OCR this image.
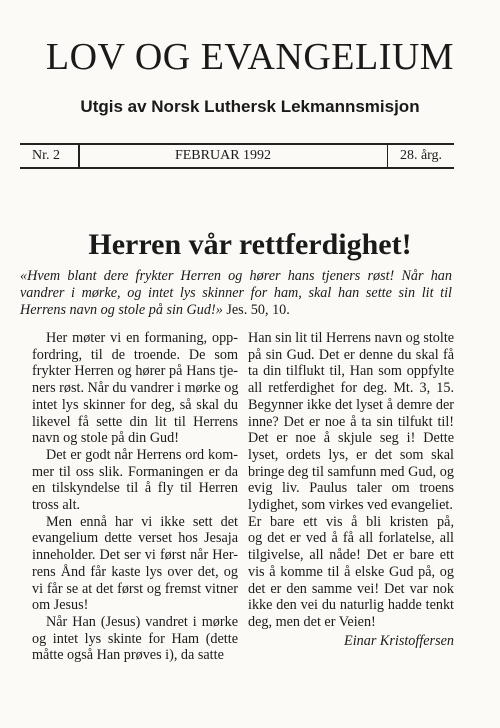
LOV OG EVANGELIUM
Utgis av Norsk Luthersk Lekmannsmisjon
Nr. 2	FEBRUAR 1992	28. årg.
Herren vår rettferdighet!
«Hvem blant dere frykter Herren og hører hans tjeners røst! Når han vandrer i mørke, og intet lys skinner for ham, skal han sette sin lit til Herrens navn og stole på sin Gud!» Jes. 50, 10.
Her møter vi en formaning, opp-
fordring, til de troende. De som
frykter Herren og hører på Hans tje-
ners røst. Når du vandrer i mørke og
intet lys skinner for deg, så skal du
likevel få sette din lit til Herrens
navn og stole på din Gud!
Det er godt når Herrens ord kom-
mer til oss slik. Formaningen er da
en tilskyndelse til å fly til Herren
tross alt.
Men ennå har vi ikke sett det
evangelium dette verset hos Jesaja
inneholder. Det ser vi først når Her-
rens Ånd får kaste lys over det, og
vi får se at det først og fremst vitner
om Jesus!
Når Han (Jesus) vandret i mørke
og intet lys skinte for Ham (dette
måtte også Han prøves i), da satte
Han sin lit til Herrens navn og stolte
på sin Gud. Det er denne du skal få
ta din tilflukt til, Han som oppfylte
all retferdighet for deg. Mt. 3, 15.
Begynner ikke det lyset å demre der
inne? Det er noe å ta sin tilfukt til!
Det er noe å skjule seg i! Dette
lyset, ordets lys, er det som skal
bringe deg til samfunn med Gud, og
evig liv. Paulus taler om troens
lydighet, som virkes ved evangeliet.
Er bare ett vis å bli kristen på,
og det er ved å få all forlatelse, all
tilgivelse, all nåde! Det er bare ett
vis å komme til å elske Gud på, og
det er den samme vei! Det var nok
ikke den vei du naturlig hadde tenkt
deg, men det er Veien!
Einar Kristoffersen
